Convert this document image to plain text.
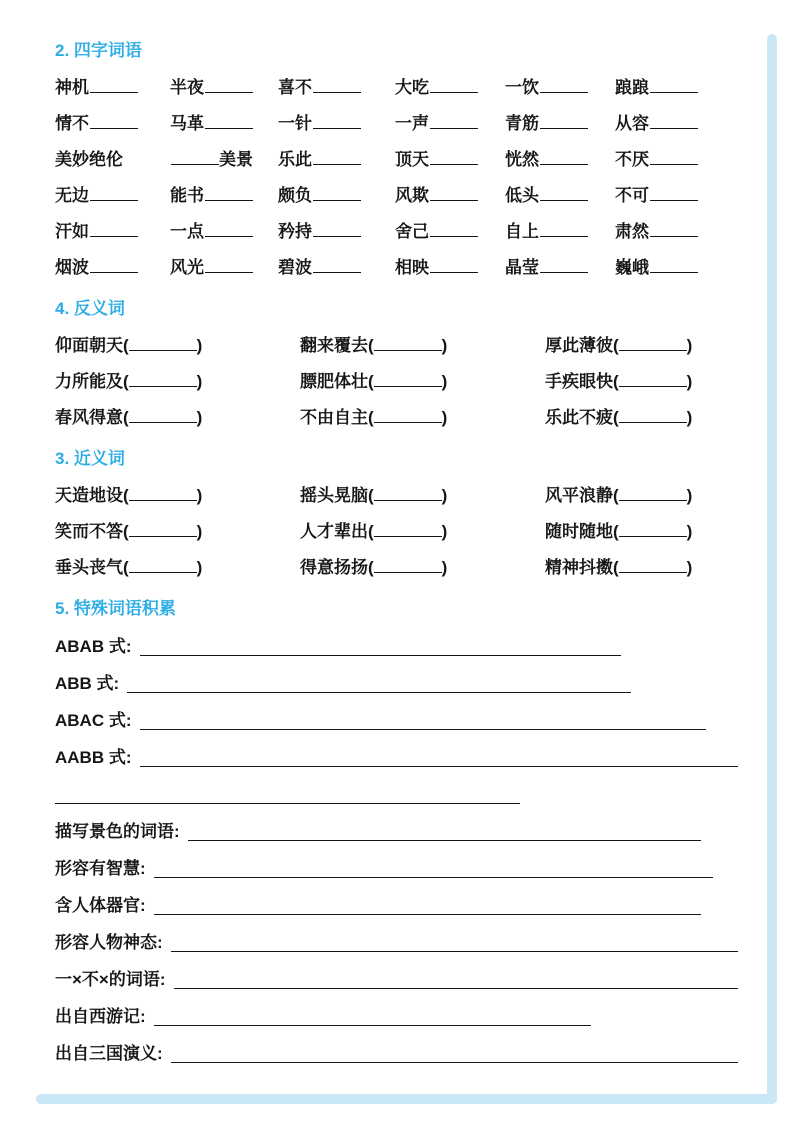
2. 四字词语
神机	半夜	喜不	大吃	一饮	踉踉
情不	马革	一针	一声	青筋	从容
美妙绝伦	美景	乐此	顶天	恍然	不厌
无边	能书	颇负	风欺	低头	不可
汗如	一点	矜持	舍己	自上	肃然
烟波	风光	碧波	相映	晶莹	巍峨
4. 反义词
仰面朝天 (  )	翻来覆去 (  )	厚此薄彼(  )
力所能及 (  )	膘肥体壮 (  )	手疾眼快(  )
春风得意 (  )	不由自主 (  )	乐此不疲(  )
3. 近义词
天造地设 (  )	摇头晃脑 (  )	风平浪静(  )
笑而不答 (  )	人才辈出 (  )	随时随地(  )
垂头丧气 (  )	得意扬扬 (  )	精神抖擞(  )
5. 特殊词语积累
ABAB 式:
ABB 式:
ABAC 式:
AABB 式:
描写景色的词语:
形容有智慧:
含人体器官:
形容人物神态:
一×不×的词语:
出自西游记:
出自三国演义:
